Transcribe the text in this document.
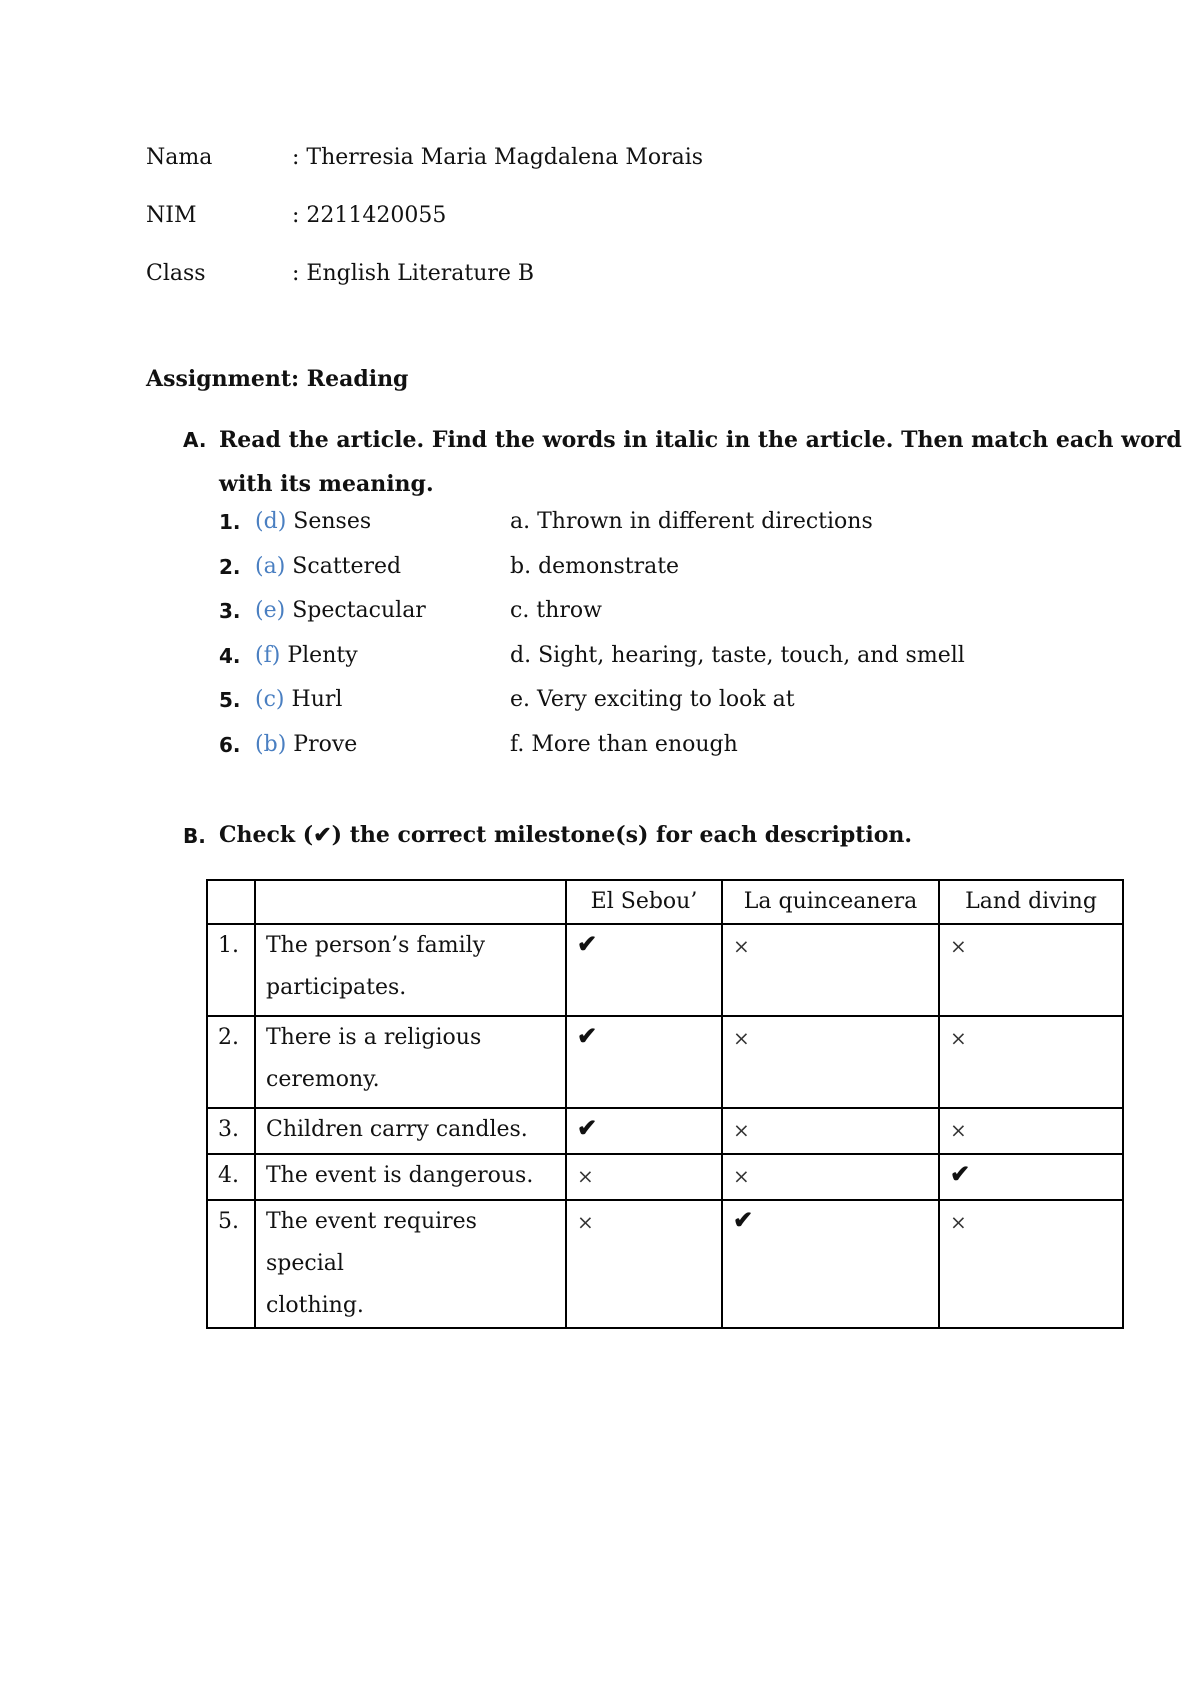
Nama	: Therresia Maria Magdalena Morais
NIM	: 2211420055
Class	: English Literature B
Assignment: Reading
A. Read the article. Find the words in italic in the article. Then match each word
with its meaning.
1. (d) Senses	a. Thrown in different directions
2. (a) Scattered	b. demonstrate
3. (e) Spectacular	c. throw
4. (f) Plenty	d. Sight, hearing, taste, touch, and smell
5. (c) Hurl	e. Very exciting to look at
6. (b) Prove	f. More than enough
B. Check (✔) the correct milestone(s) for each description.
		El Sebou’	La quinceanera	Land diving
1.	The person’s family
participates.	✔	×	×
2.	There is a religious
ceremony.	✔	×	×
3.	Children carry candles.	✔	×	×
4.	The event is dangerous.	×	×	✔
5.	The event requires special
clothing.	×	✔	×
